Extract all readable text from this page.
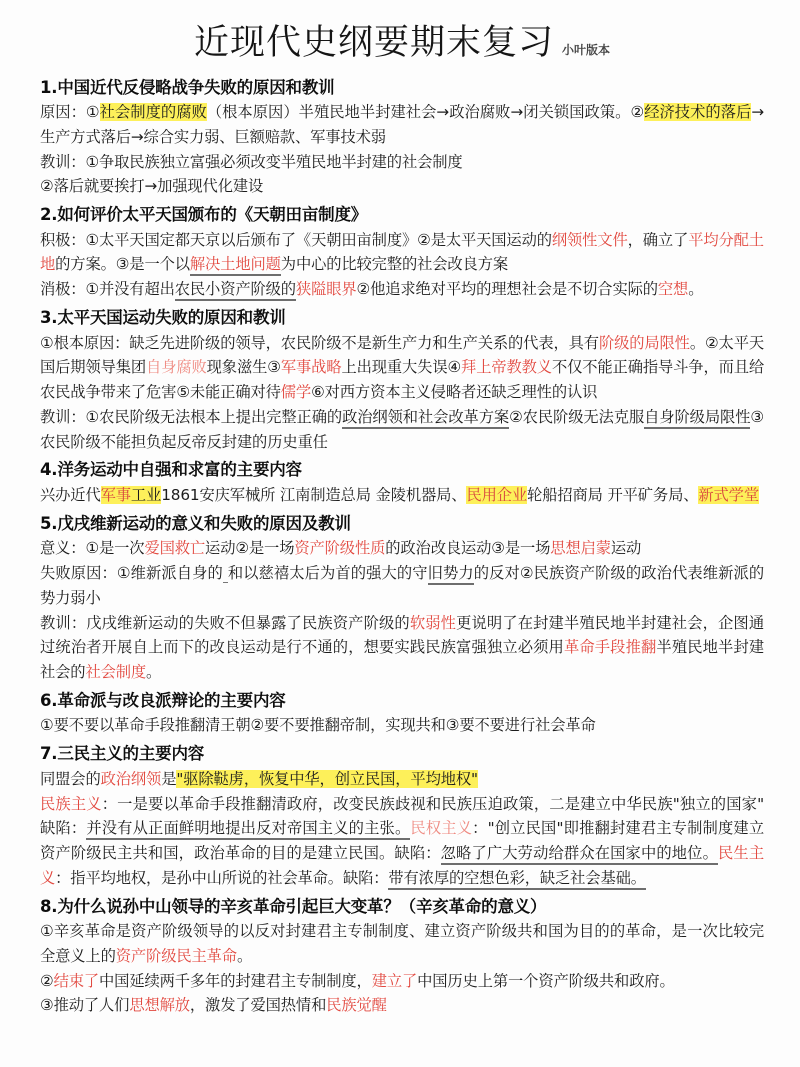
近现代史纲要期末复习 小叶版本
1.中国近代反侵略战争失败的原因和教训
原因：①社会制度的腐败（根本原因）半殖民地半封建社会→政治腐败→闭关锁国政策。②经济技术的落后→生产方式落后→综合实力弱、巨额赔款、军事技术弱
教训：①争取民族独立富强必须改变半殖民地半封建的社会制度
②落后就要挨打→加强现代化建设
2.如何评价太平天国颁布的《天朝田亩制度》
积极：①太平天国定都天京以后颁布了《天朝田亩制度》②是太平天国运动的纲领性文件，确立了平均分配土地的方案。③是一个以解决土地问题为中心的比较完整的社会改良方案
消极：①并没有超出农民小资产阶级的狭隘眼界②他追求绝对平均的理想社会是不切合实际的空想。
3.太平天国运动失败的原因和教训
①根本原因：缺乏先进阶级的领导，农民阶级不是新生产力和生产关系的代表，具有阶级的局限性。②太平天国后期领导集团自身腐败现象滋生③军事战略上出现重大失误④拜上帝教教义不仅不能正确指导斗争，而且给农民战争带来了危害⑤未能正确对待儒学⑥对西方资本主义侵略者还缺乏理性的认识
教训：①农民阶级无法根本上提出完整正确的政治纲领和社会改革方案②农民阶级无法克服自身阶级局限性③农民阶级不能担负起反帝反封建的历史重任
4.洋务运动中自强和求富的主要内容
兴办近代军事工业1861安庆军械所 江南制造总局 金陵机器局、民用企业轮船招商局 开平矿务局、新式学堂
5.戊戌维新运动的意义和失败的原因及教训
意义：①是一次爱国救亡运动②是一场资产阶级性质的政治改良运动③是一场思想启蒙运动
失败原因：①维新派自身的 和以慈禧太后为首的强大的守旧势力的反对②民族资产阶级的政治代表维新派的势力弱小
教训：戊戌维新运动的失败不但暴露了民族资产阶级的软弱性更说明了在封建半殖民地半封建社会，企图通过统治者开展自上而下的改良运动是行不通的，想要实践民族富强独立必须用革命手段推翻半殖民地半封建社会的社会制度。
6.革命派与改良派辩论的主要内容
①要不要以革命手段推翻清王朝②要不要推翻帝制，实现共和③要不要进行社会革命
7.三民主义的主要内容
同盟会的政治纲领是"驱除鞑虏，恢复中华，创立民国，平均地权"
民族主义：一是要以革命手段推翻清政府，改变民族歧视和民族压迫政策，二是建立中华民族"独立的国家" 缺陷：并没有从正面鲜明地提出反对帝国主义的主张。民权主义："创立民国"即推翻封建君主专制制度建立资产阶级民主共和国，政治革命的目的是建立民国。缺陷：忽略了广大劳动给群众在国家中的地位。民生主义：指平均地权，是孙中山所说的社会革命。缺陷：带有浓厚的空想色彩，缺乏社会基础。
8.为什么说孙中山领导的辛亥革命引起巨大变革？（辛亥革命的意义）
①辛亥革命是资产阶级领导的以反对封建君主专制制度、建立资产阶级共和国为目的的革命，是一次比较完全意义上的资产阶级民主革命。
②结束了中国延续两千多年的封建君主专制制度，建立了中国历史上第一个资产阶级共和政府。
③推动了人们思想解放，激发了爱国热情和民族觉醒
